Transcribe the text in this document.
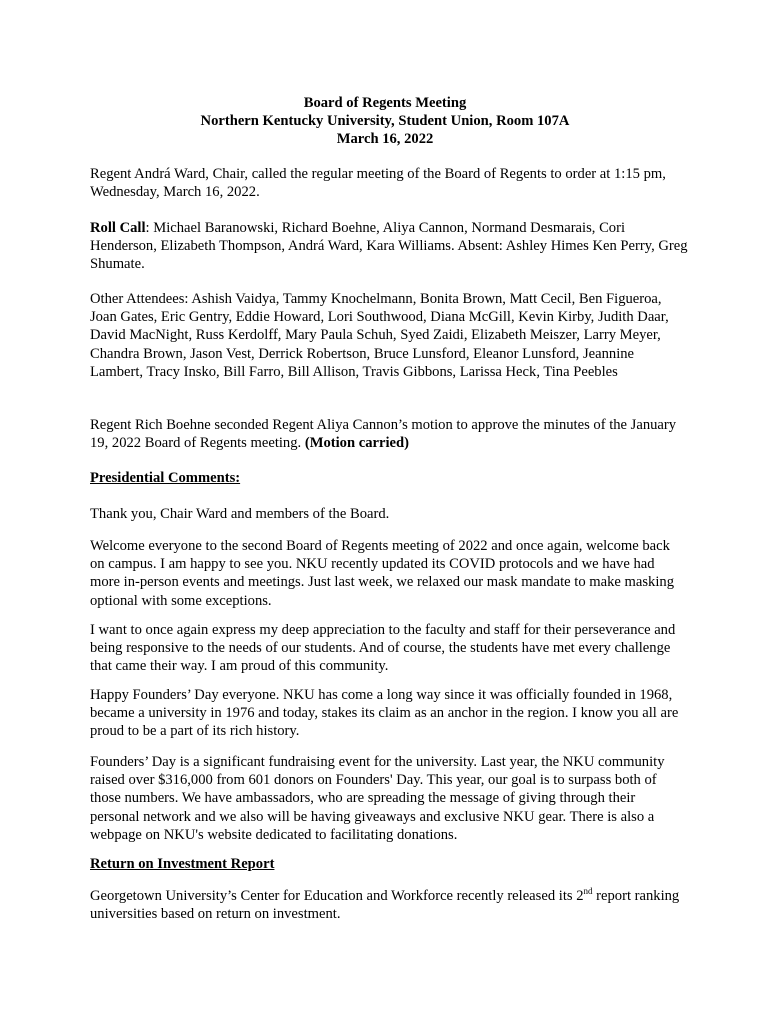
Board of Regents Meeting

Northern Kentucky University, Student Union, Room 107A

March 16, 2022

Regent Andrá Ward, Chair, called the regular meeting of the Board of Regents to order at 1:15 pm, Wednesday, March 16, 2022.

Roll Call: Michael Baranowski, Richard Boehne, Aliya Cannon, Normand Desmarais, Cori Henderson, Elizabeth Thompson, Andrá Ward, Kara Williams. Absent: Ashley Himes Ken Perry, Greg Shumate.

Other Attendees: Ashish Vaidya, Tammy Knochelmann, Bonita Brown, Matt Cecil, Ben Figueroa, Joan Gates, Eric Gentry, Eddie Howard, Lori Southwood, Diana McGill, Kevin Kirby, Judith Daar, David MacNight, Russ Kerdolff, Mary Paula Schuh, Syed Zaidi, Elizabeth Meiszer, Larry Meyer, Chandra Brown, Jason Vest, Derrick Robertson, Bruce Lunsford, Eleanor Lunsford, Jeannine Lambert, Tracy Insko, Bill Farro, Bill Allison, Travis Gibbons, Larissa Heck, Tina Peebles

Regent Rich Boehne seconded Regent Aliya Cannon’s motion to approve the minutes of the January 19, 2022 Board of Regents meeting. (Motion carried)

Presidential Comments:

Thank you, Chair Ward and members of the Board.

Welcome everyone to the second Board of Regents meeting of 2022 and once again, welcome back on campus. I am happy to see you. NKU recently updated its COVID protocols and we have had more in-person events and meetings. Just last week, we relaxed our mask mandate to make masking optional with some exceptions.

I want to once again express my deep appreciation to the faculty and staff for their perseverance and being responsive to the needs of our students. And of course, the students have met every challenge that came their way. I am proud of this community.

Happy Founders’ Day everyone. NKU has come a long way since it was officially founded in 1968, became a university in 1976 and today, stakes its claim as an anchor in the region. I know you all are proud to be a part of its rich history.

Founders’ Day is a significant fundraising event for the university. Last year, the NKU community raised over $316,000 from 601 donors on Founders' Day. This year, our goal is to surpass both of those numbers. We have ambassadors, who are spreading the message of giving through their personal network and we also will be having giveaways and exclusive NKU gear. There is also a webpage on NKU's website dedicated to facilitating donations.

Return on Investment Report

Georgetown University’s Center for Education and Workforce recently released its 2nd report ranking universities based on return on investment.
